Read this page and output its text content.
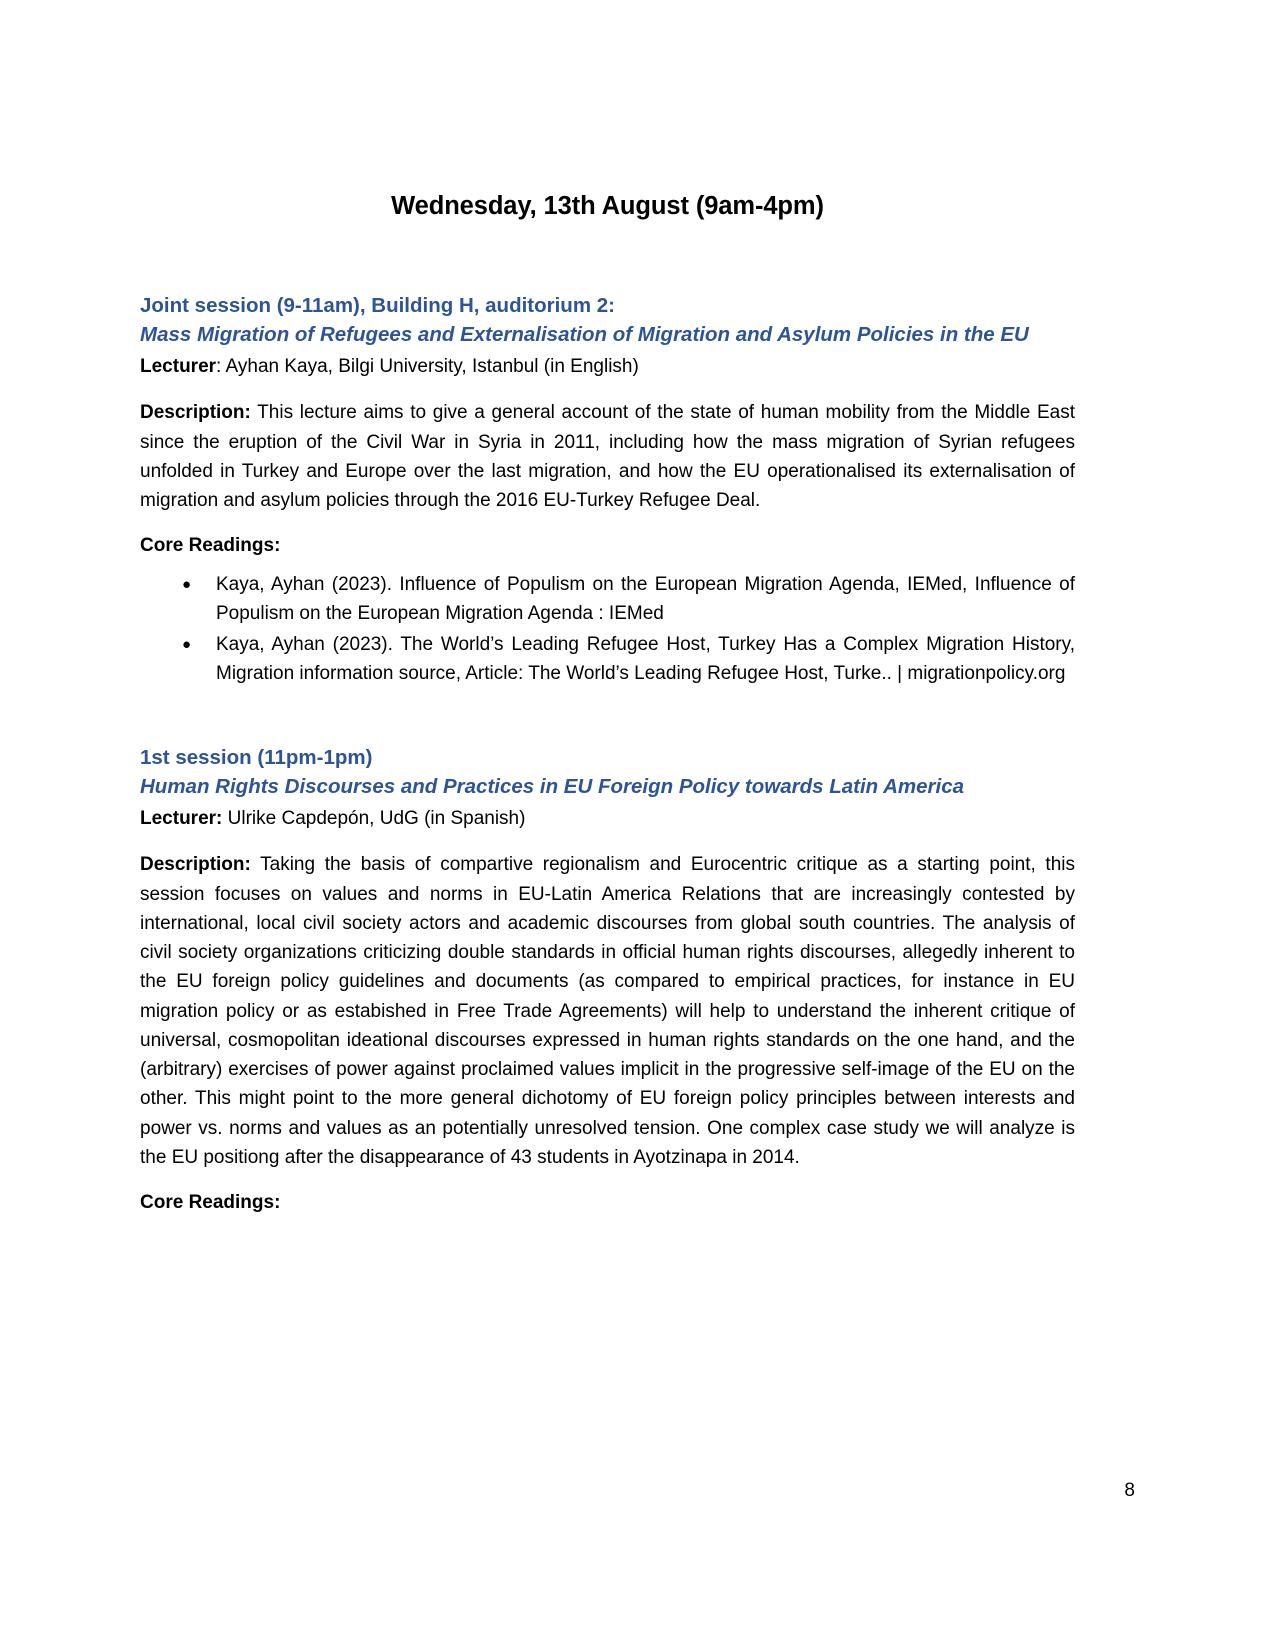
Wednesday, 13th August (9am-4pm)
Joint session (9-11am), Building H, auditorium 2:
Mass Migration of Refugees and Externalisation of Migration and Asylum Policies in the EU

Lecturer: Ayhan Kaya, Bilgi University, Istanbul (in English)

Description: This lecture aims to give a general account of the state of human mobility from the Middle East since the eruption of the Civil War in Syria in 2011, including how the mass migration of Syrian refugees unfolded in Turkey and Europe over the last migration, and how the EU operationalised its externalisation of migration and asylum policies through the 2016 EU-Turkey Refugee Deal.

Core Readings:

● Kaya, Ayhan (2023). Influence of Populism on the European Migration Agenda, IEMed, Influence of Populism on the European Migration Agenda : IEMed
● Kaya, Ayhan (2023). The World’s Leading Refugee Host, Turkey Has a Complex Migration History, Migration information source, Article: The World’s Leading Refugee Host, Turke.. | migrationpolicy.org
1st session (11pm-1pm)
Human Rights Discourses and Practices in EU Foreign Policy towards Latin America

Lecturer: Ulrike Capdepón, UdG (in Spanish)

Description: Taking the basis of compartive regionalism and Eurocentric critique as a starting point, this session focuses on values and norms in EU-Latin America Relations that are increasingly contested by international, local civil society actors and academic discourses from global south countries. The analysis of civil society organizations criticizing double standards in official human rights discourses, allegedly inherent to the EU foreign policy guidelines and documents (as compared to empirical practices, for instance in EU migration policy or as estabished in Free Trade Agreements) will help to understand the inherent critique of universal, cosmopolitan ideational discourses expressed in human rights standards on the one hand, and the (arbitrary) exercises of power against proclaimed values implicit in the progressive self-image of the EU on the other. This might point to the more general dichotomy of EU foreign policy principles between interests and power vs. norms and values as an potentially unresolved tension. One complex case study we will analyze is the EU positiong after the disappearance of 43 students in Ayotzinapa in 2014.

Core Readings:

8
